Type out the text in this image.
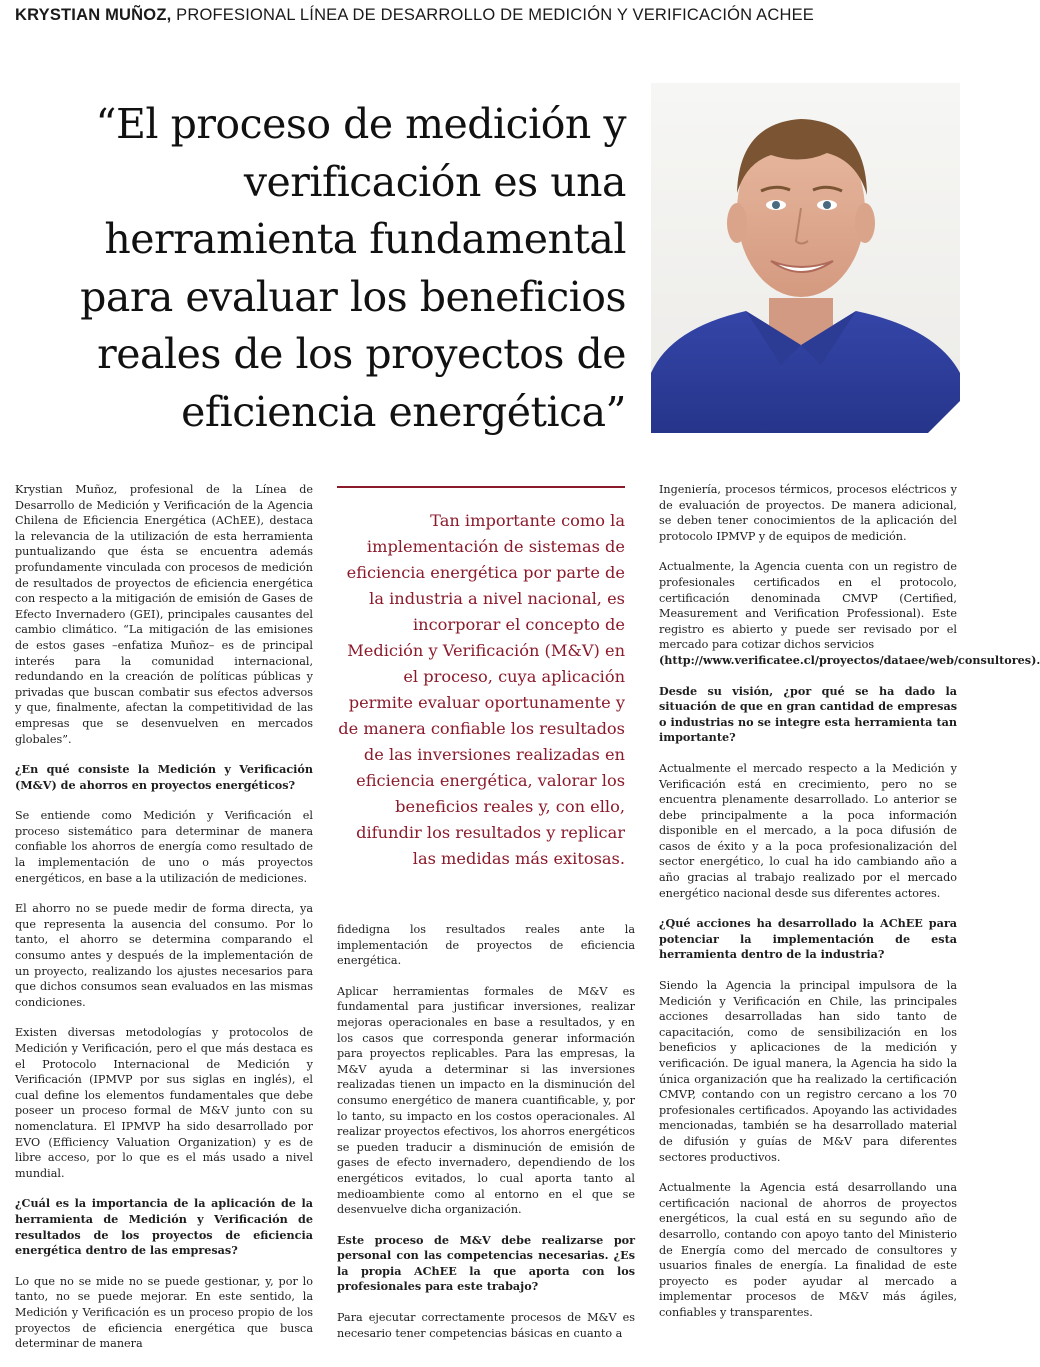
KRYSTIAN MUÑOZ, PROFESIONAL LÍNEA DE DESARROLLO DE MEDICIÓN Y VERIFICACIÓN ACHEE
“El proceso de medición y verificación es una herramienta fundamental para evaluar los beneficios reales de los proyectos de eficiencia energética”

Krystian Muñoz, profesional de la Línea de Desarrollo de Medición y Verificación de la Agencia Chilena de Eficiencia Energética (AChEE), destaca la relevancia de la utilización de esta herramienta puntualizando que ésta se encuentra además profundamente vinculada con procesos de medición de resultados de proyectos de eficiencia energética con respecto a la mitigación de emisión de Gases de Efecto Invernadero (GEI), principales causantes del cambio climático. “La mitigación de las emisiones de estos gases –enfatiza Muñoz– es de principal interés para la comunidad internacional, redundando en la creación de políticas públicas y privadas que buscan combatir sus efectos adversos y que, finalmente, afectan la competitividad de las empresas que se desenvuelven en mercados globales”.

¿En qué consiste la Medición y Verificación (M&V) de ahorros en proyectos energéticos?

Se entiende como Medición y Verificación el proceso sistemático para determinar de manera confiable los ahorros de energía como resultado de la implementación de uno o más proyectos energéticos, en base a la utilización de mediciones.

El ahorro no se puede medir de forma directa, ya que representa la ausencia del consumo. Por lo tanto, el ahorro se determina comparando el consumo antes y después de la implementación de un proyecto, realizando los ajustes necesarios para que dichos consumos sean evaluados en las mismas condiciones.

Existen diversas metodologías y protocolos de Medición y Verificación, pero el que más destaca es el Protocolo Internacional de Medición y Verificación (IPMVP por sus siglas en inglés), el cual define los elementos fundamentales que debe poseer un proceso formal de M&V junto con su nomenclatura. El IPMVP ha sido desarrollado por EVO (Efficiency Valuation Organization) y es de libre acceso, por lo que es el más usado a nivel mundial.

¿Cuál es la importancia de la aplicación de la herramienta de Medición y Verificación de resultados de los proyectos de eficiencia energética dentro de las empresas?

Lo que no se mide no se puede gestionar, y, por lo tanto, no se puede mejorar. En este sentido, la Medición y Verificación es un proceso propio de los proyectos de eficiencia energética que busca determinar de manera

Tan importante como la implementación de sistemas de eficiencia energética por parte de la industria a nivel nacional, es incorporar el concepto de Medición y Verificación (M&V) en el proceso, cuya aplicación permite evaluar oportunamente y de manera confiable los resultados de las inversiones realizadas en eficiencia energética, valorar los beneficios reales y, con ello, difundir los resultados y replicar las medidas más exitosas.

fidedigna los resultados reales ante la implementación de proyectos de eficiencia energética.

Aplicar herramientas formales de M&V es fundamental para justificar inversiones, realizar mejoras operacionales en base a resultados, y en los casos que corresponda generar información para proyectos replicables. Para las empresas, la M&V ayuda a determinar si las inversiones realizadas tienen un impacto en la disminución del consumo energético de manera cuantificable, y, por lo tanto, su impacto en los costos operacionales. Al realizar proyectos efectivos, los ahorros energéticos se pueden traducir a disminución de emisión de gases de efecto invernadero, dependiendo de los energéticos evitados, lo cual aporta tanto al medioambiente como al entorno en el que se desenvuelve dicha organización.

Este proceso de M&V debe realizarse por personal con las competencias necesarias. ¿Es la propia AChEE la que aporta con los profesionales para este trabajo?

Para ejecutar correctamente procesos de M&V es necesario tener competencias básicas en cuanto a

Ingeniería, procesos térmicos, procesos eléctricos y de evaluación de proyectos. De manera adicional, se deben tener conocimientos de la aplicación del protocolo IPMVP y de equipos de medición.

Actualmente, la Agencia cuenta con un registro de profesionales certificados en el protocolo, certificación denominada CMVP (Certified, Measurement and Verification Professional). Este registro es abierto y puede ser revisado por el mercado para cotizar dichos servicios

(http://www.verificatee.cl/proyectos/dataee/web/consultores).

Desde su visión, ¿por qué se ha dado la situación de que en gran cantidad de empresas o industrias no se integre esta herramienta tan importante?

Actualmente el mercado respecto a la Medición y Verificación está en crecimiento, pero no se encuentra plenamente desarrollado. Lo anterior se debe principalmente a la poca información disponible en el mercado, a la poca difusión de casos de éxito y a la poca profesionalización del sector energético, lo cual ha ido cambiando año a año gracias al trabajo realizado por el mercado energético nacional desde sus diferentes actores.

¿Qué acciones ha desarrollado la AChEE para potenciar la implementación de esta herramienta dentro de la industria?

Siendo la Agencia la principal impulsora de la Medición y Verificación en Chile, las principales acciones desarrolladas han sido tanto de capacitación, como de sensibilización en los beneficios y aplicaciones de la medición y verificación. De igual manera, la Agencia ha sido la única organización que ha realizado la certificación CMVP, contando con un registro cercano a los 70 profesionales certificados. Apoyando las actividades mencionadas, también se ha desarrollado material de difusión y guías de M&V para diferentes sectores productivos.

Actualmente la Agencia está desarrollando una certificación nacional de ahorros de proyectos energéticos, la cual está en su segundo año de desarrollo, contando con apoyo tanto del Ministerio de Energía como del mercado de consultores y usuarios finales de energía. La finalidad de este proyecto es poder ayudar al mercado a implementar procesos de M&V más ágiles, confiables y transparentes.
